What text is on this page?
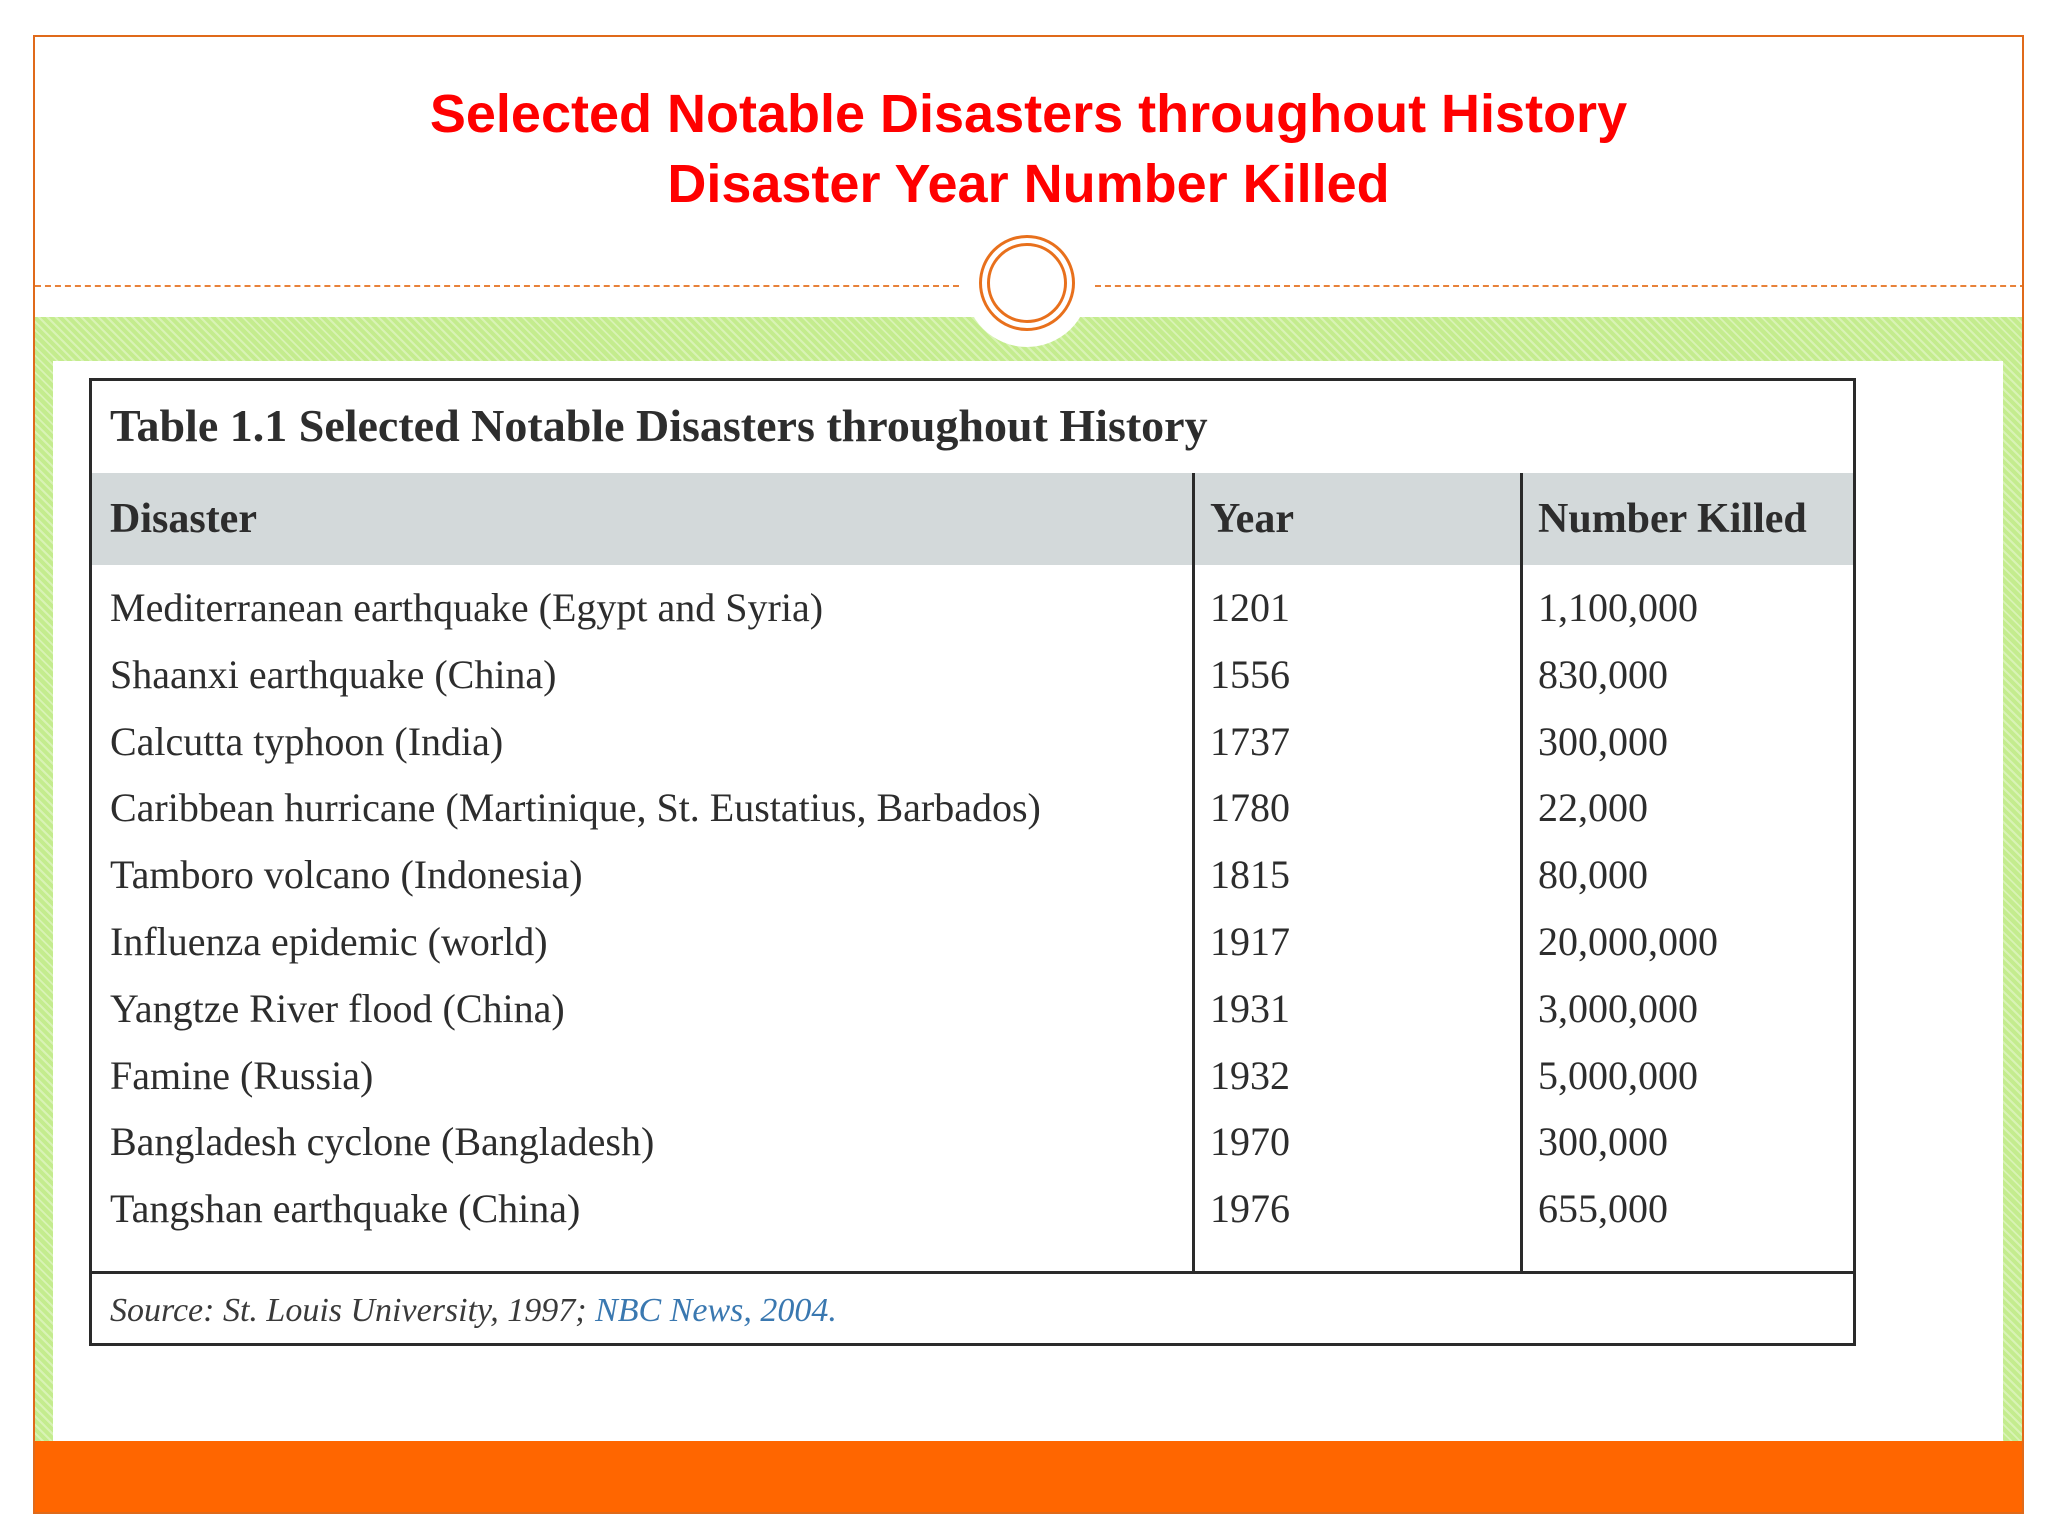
Selected Notable Disasters throughout History
Disaster Year Number Killed
Table 1.1 Selected Notable Disasters throughout History
Disaster	Year	Number Killed
Mediterranean earthquake (Egypt and Syria)	1201	1,100,000
Shaanxi earthquake (China)	1556	830,000
Calcutta typhoon (India)	1737	300,000
Caribbean hurricane (Martinique, St. Eustatius, Barbados)	1780	22,000
Tamboro volcano (Indonesia)	1815	80,000
Influenza epidemic (world)	1917	20,000,000
Yangtze River flood (China)	1931	3,000,000
Famine (Russia)	1932	5,000,000
Bangladesh cyclone (Bangladesh)	1970	300,000
Tangshan earthquake (China)	1976	655,000
Source: St. Louis University, 1997; NBC News, 2004.
